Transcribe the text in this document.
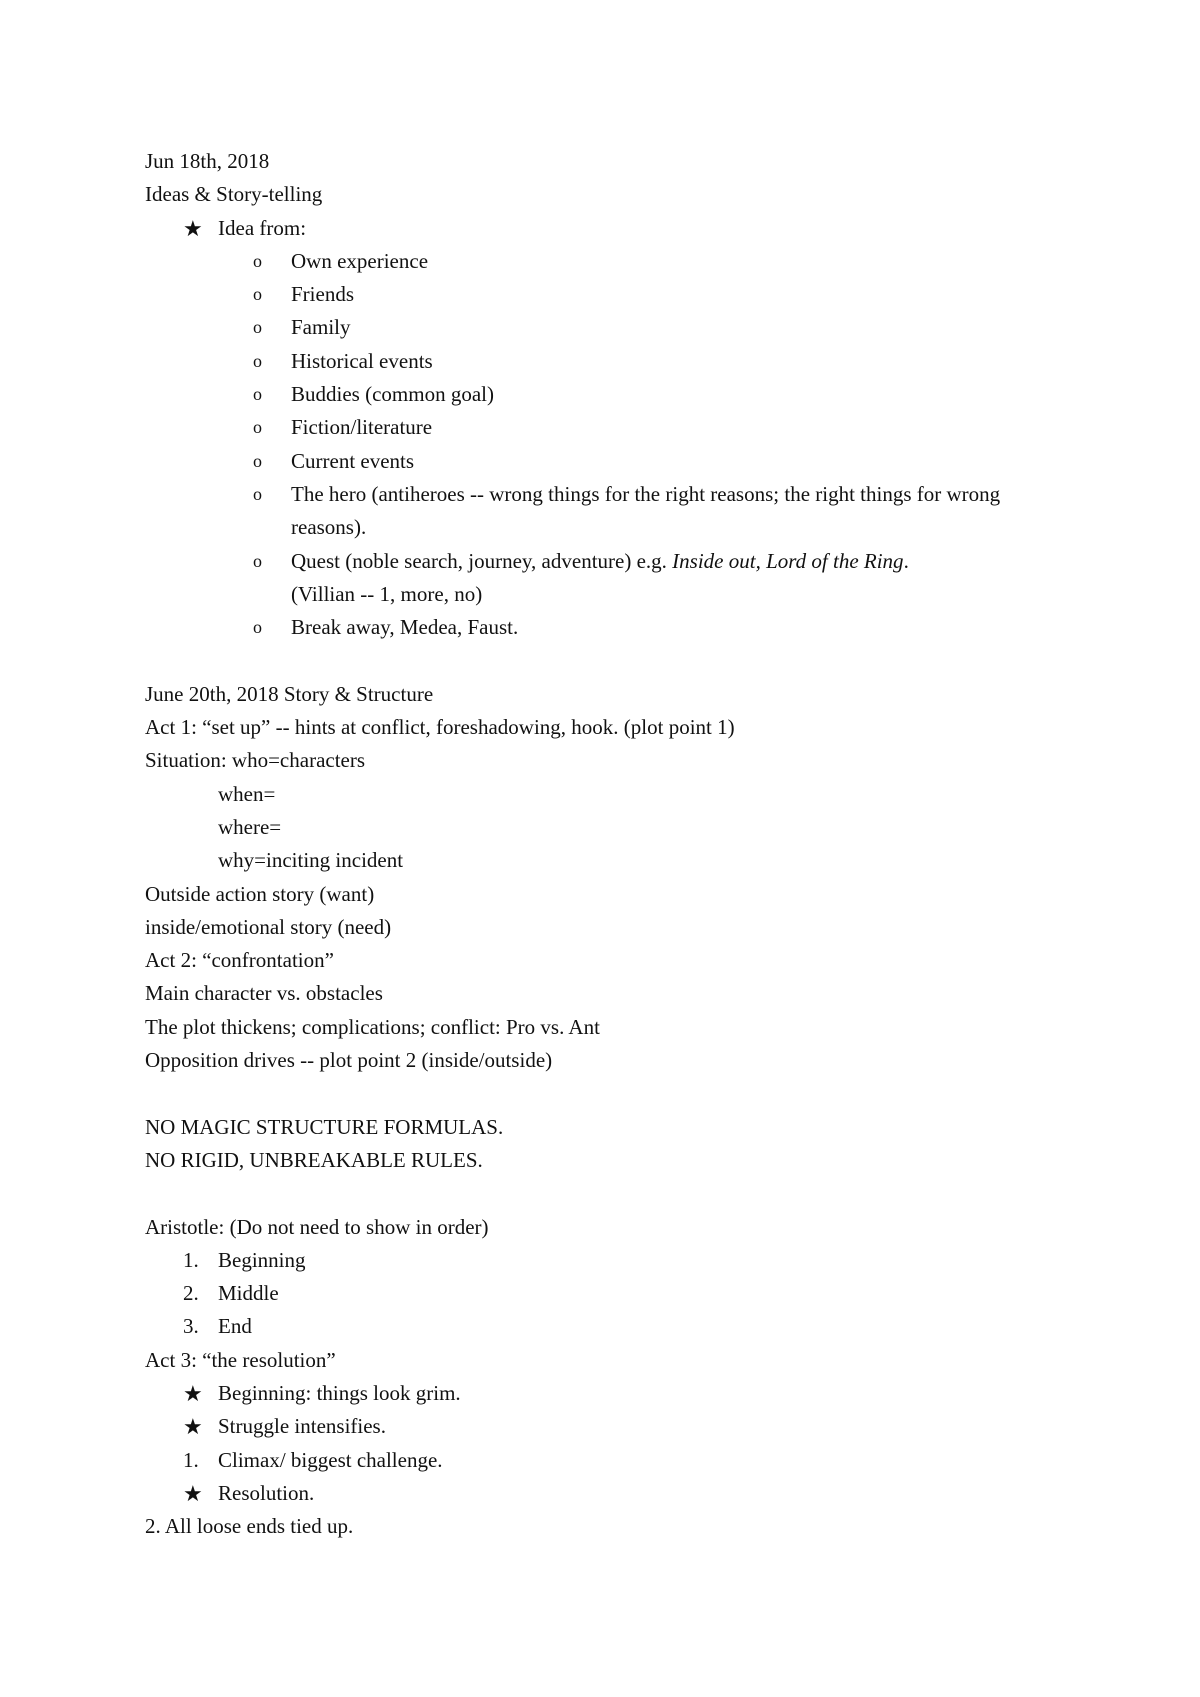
Jun 18th, 2018
Ideas & Story-telling
★ Idea from:
o Own experience
o Friends
o Family
o Historical events
o Buddies (common goal)
o Fiction/literature
o Current events
o The hero (antiheroes -- wrong things for the right reasons; the right things for wrong reasons).
o Quest (noble search, journey, adventure) e.g. Inside out, Lord of the Ring.
(Villian -- 1, more, no)
o Break away, Medea, Faust.
June 20th, 2018 Story & Structure
Act 1: “set up” -- hints at conflict, foreshadowing, hook. (plot point 1)
Situation: who=characters
when=
where=
why=inciting incident
Outside action story (want)
inside/emotional story (need)
Act 2: “confrontation”
Main character vs. obstacles
The plot thickens; complications; conflict: Pro vs. Ant
Opposition drives -- plot point 2 (inside/outside)
NO MAGIC STRUCTURE FORMULAS.
NO RIGID, UNBREAKABLE RULES.
Aristotle: (Do not need to show in order)
1. Beginning
2. Middle
3. End
Act 3: “the resolution”
★ Beginning: things look grim.
★ Struggle intensifies.
1. Climax/ biggest challenge.
★ Resolution.
2. All loose ends tied up.
